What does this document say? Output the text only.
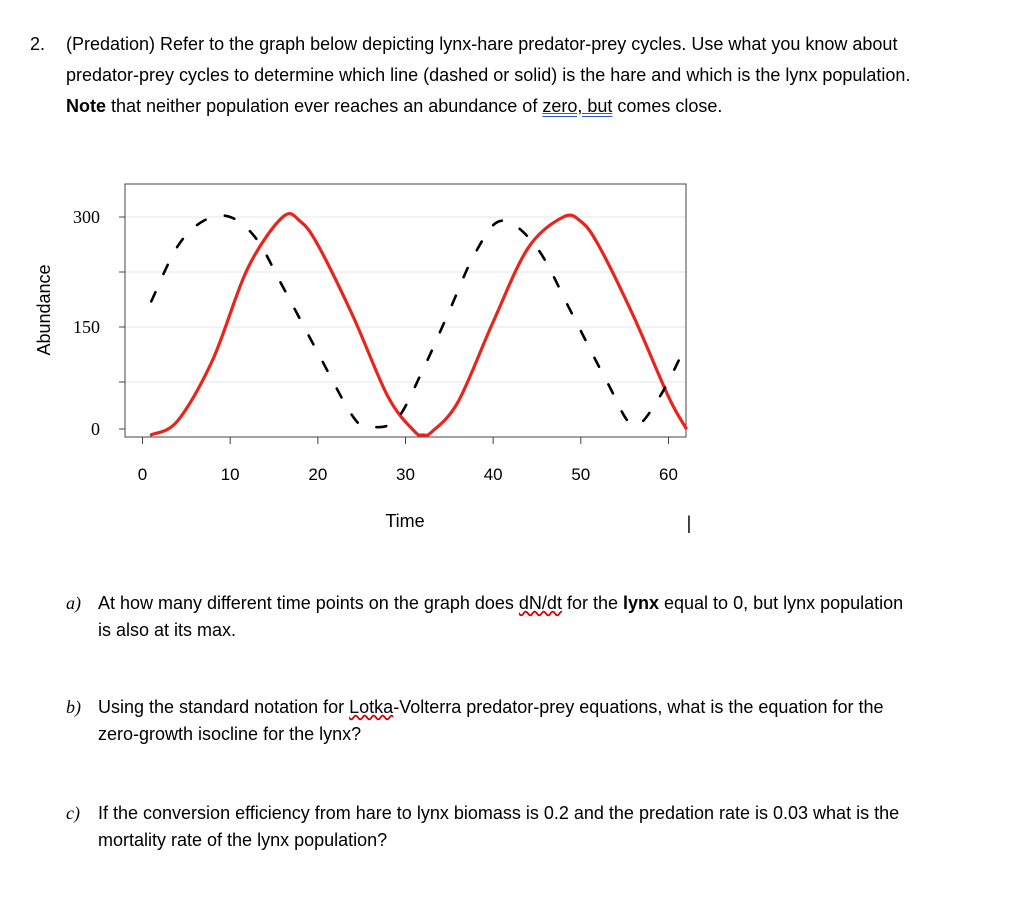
2. (Predation) Refer to the graph below depicting lynx-hare predator-prey cycles. Use what you know about
predator-prey cycles to determine which line (dashed or solid) is the hare and which is the lynx population.
Note that neither population ever reaches an abundance of zero, but comes close.
0
150
300
0	10	20	30	40	50	60
Abundance
Time	|
a) At how many different time points on the graph does dN/dt for the lynx equal to 0, but lynx population
is also at its max.
b) Using the standard notation for Lotka-Volterra predator-prey equations, what is the equation for the
zero-growth isocline for the lynx?
c) If the conversion efficiency from hare to lynx biomass is 0.2 and the predation rate is 0.03 what is the
mortality rate of the lynx population?
